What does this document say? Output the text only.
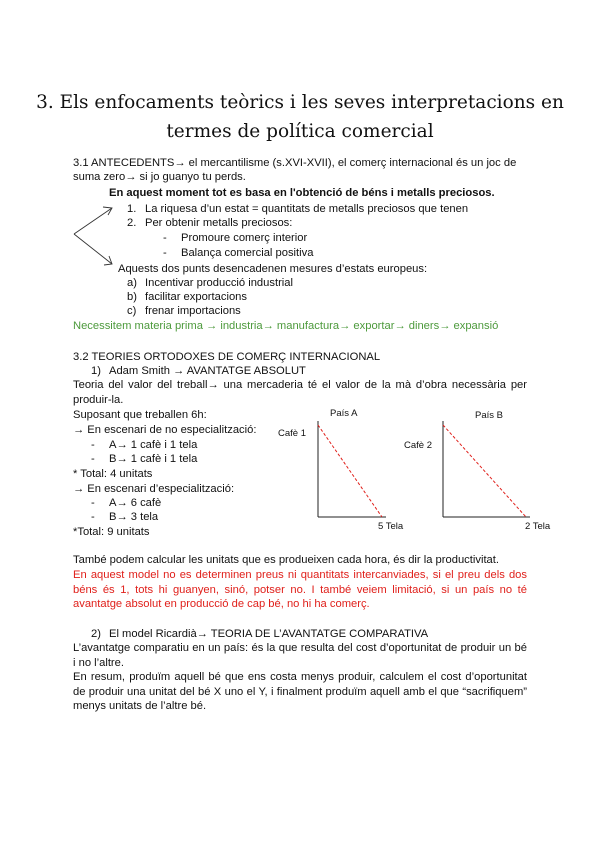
3. Els enfocaments teòrics i les seves interpretacions en
termes de política comercial
3.1 ANTECEDENTS→ el mercantilisme (s.XVI-XVII), el comerç internacional és un joc de
suma zero→ si jo guanyo tu perds.
En aquest moment tot es basa en l'obtenció de béns i metalls preciosos.
1. La riquesa d’un estat = quantitats de metalls preciosos que tenen
2. Per obtenir metalls preciosos:
- Promoure comerç interior
- Balança comercial positiva
Aquests dos punts desencadenen mesures d’estats europeus:
a) Incentivar producció industrial
b) facilitar exportacions
c) frenar importacions
Necessitem materia prima → industria→ manufactura→ exportar→ diners→ expansió
3.2 TEORIES ORTODOXES DE COMERÇ INTERNACIONAL
1) Adam Smith → AVANTATGE ABSOLUT
Teoria del valor del treball→ una mercaderia té el valor de la mà d’obra necessària per produir-la.
Suposant que treballen 6h:
→ En escenari de no especialització:
- A→ 1 cafè i 1 tela
- B→ 1 cafè i 1 tela
* Total: 4 unitats
→ En escenari d’especialització:
- A→ 6 cafè
- B→ 3 tela
*Total: 9 unitats
País A
Cafè 1
5 Tela
País B
Cafè 2
2 Tela
També podem calcular les unitats que es produeixen cada hora, és dir la productivitat.
En aquest model no es determinen preus ni quantitats intercanviades, si el preu dels dos béns és 1, tots hi guanyen, sinó, potser no. I també veiem limitació, si un país no té avantatge absolut en producció de cap bé, no hi ha comerç.
2) El model Ricardià→ TEORIA DE L’AVANTATGE COMPARATIVA
L’avantatge comparatiu en un país: és la que resulta del cost d’oportunitat de produir un bé i no l’altre.
En resum, produïm aquell bé que ens costa menys produir, calculem el cost d’oportunitat de produir una unitat del bé X uno el Y, i finalment produïm aquell amb el que “sacrifiquem” menys unitats de l’altre bé.
